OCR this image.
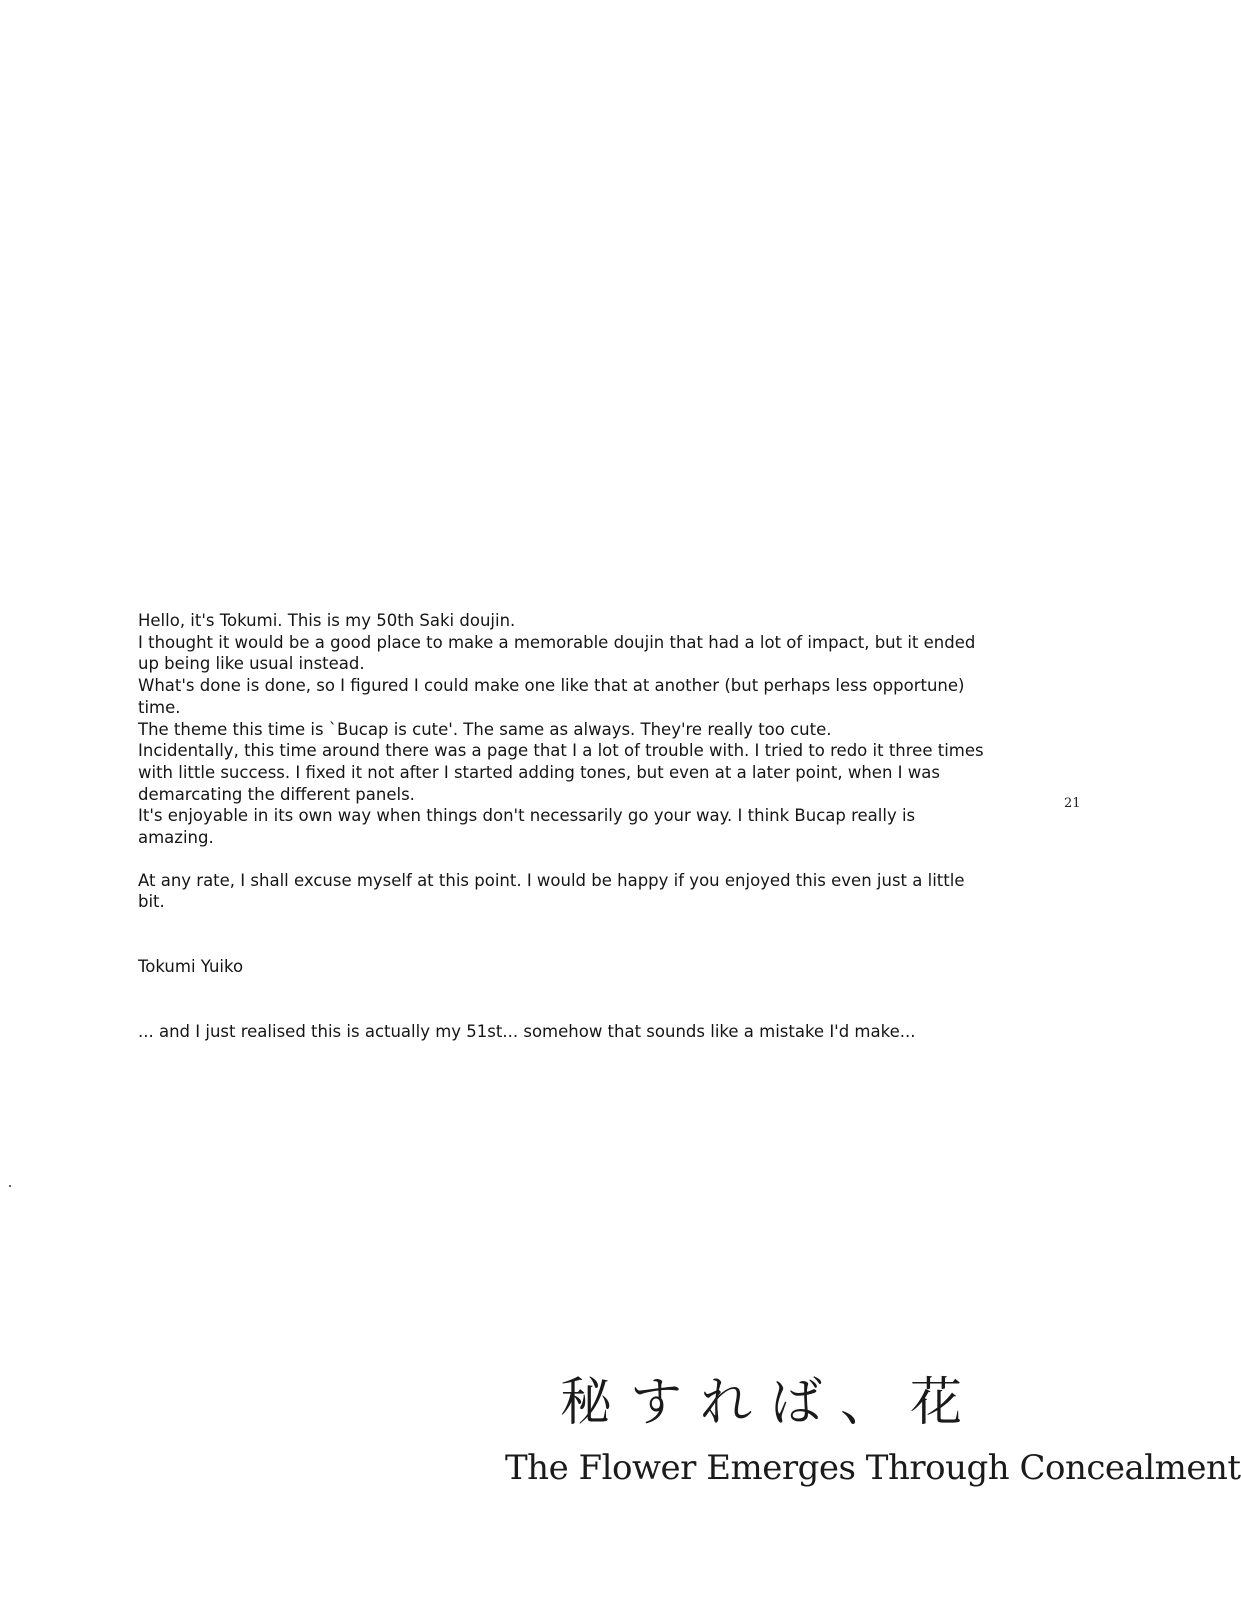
Hello, it's Tokumi. This is my 50th Saki doujin.

I thought it would be a good place to make a memorable doujin that had a lot of impact, but it ended up being like usual instead.

What's done is done, so I figured I could make one like that at another (but perhaps less opportune) time.

The theme this time is `Bucap is cute'. The same as always. They're really too cute.

Incidentally, this time around there was a page that I a lot of trouble with. I tried to redo it three times with little success. I fixed it not after I started adding tones, but even at a later point, when I was demarcating the different panels.

It's enjoyable in its own way when things don't necessarily go your way. I think Bucap really is amazing.

At any rate, I shall excuse myself at this point. I would be happy if you enjoyed this even just a little bit.

Tokumi Yuiko

... and I just realised this is actually my 51st... somehow that sounds like a mistake I'd make...

21
秘すれば、花
The Flower Emerges Through Concealment
